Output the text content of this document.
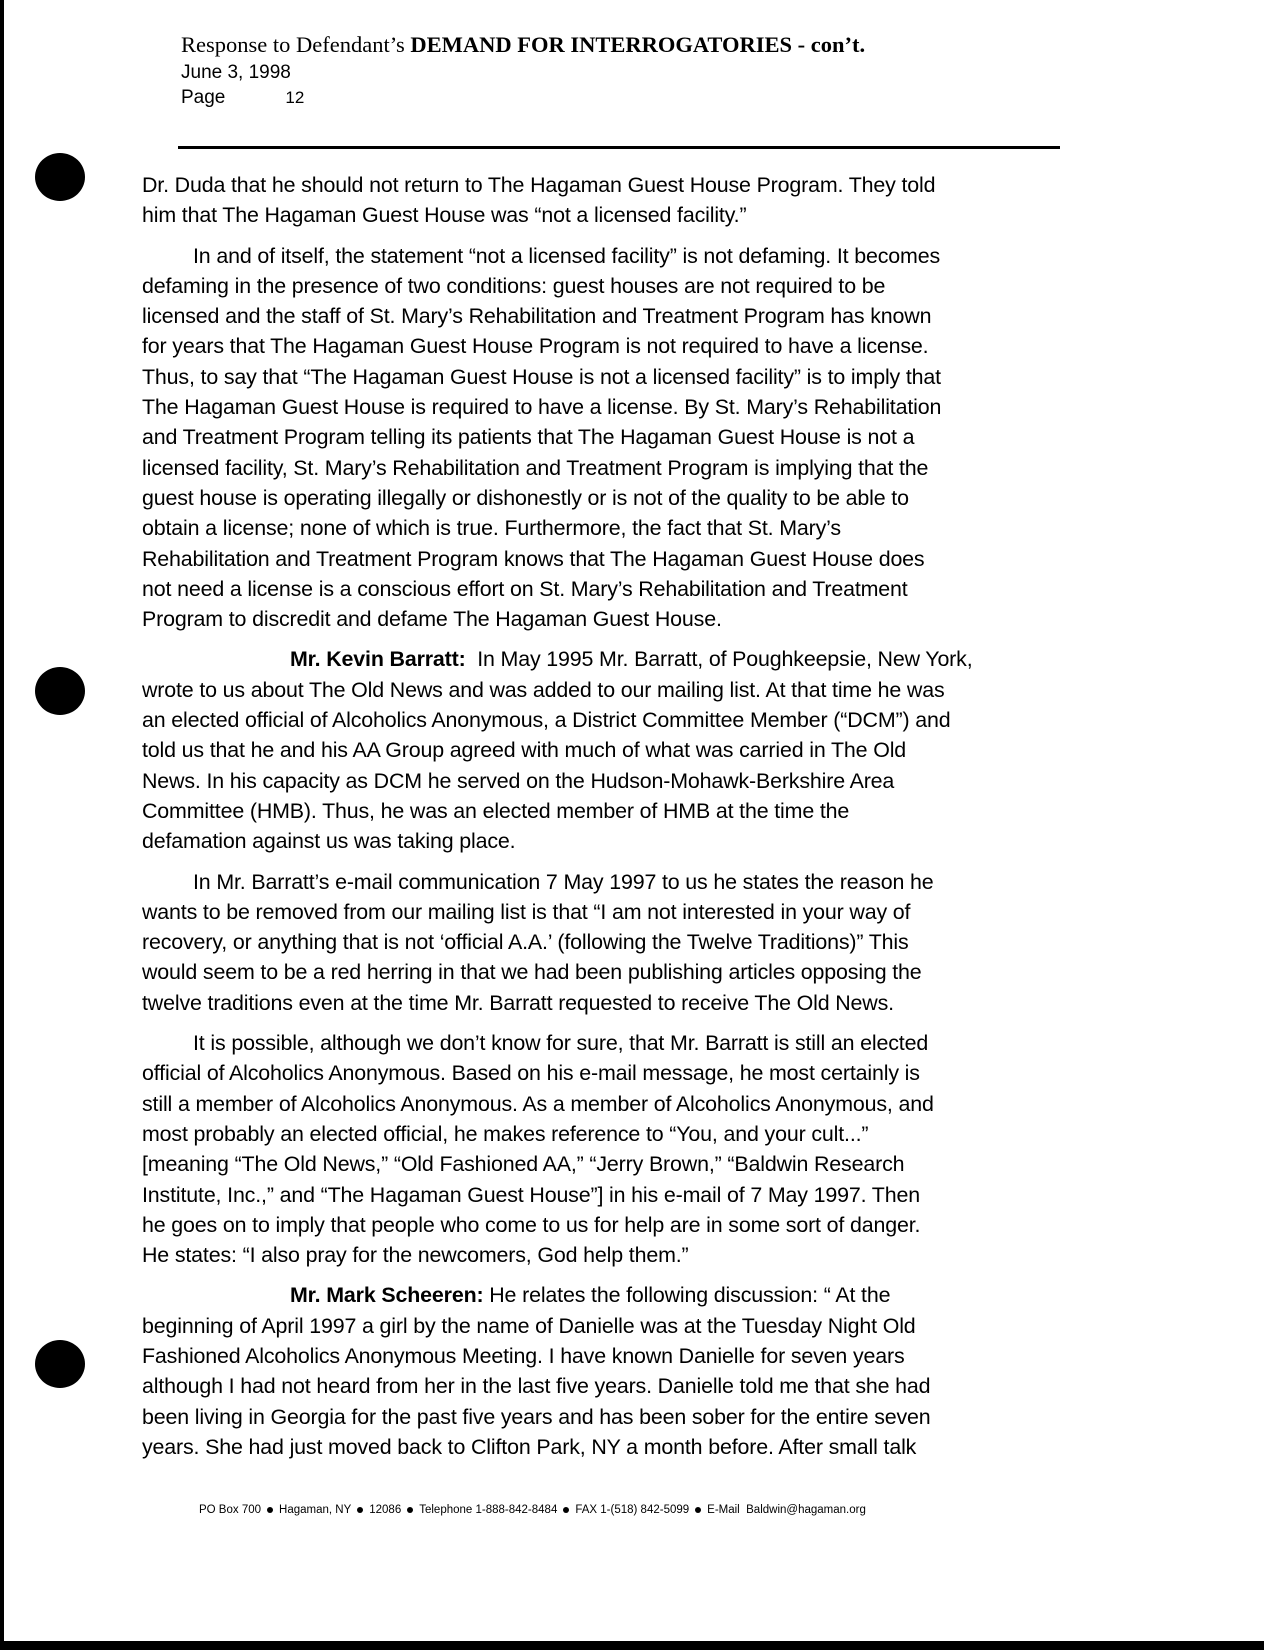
Response to Defendant’s DEMAND FOR INTERROGATORIES - con’t.
June 3, 1998
Page	12
Dr. Duda that he should not return to The Hagaman Guest House Program. They told
him that The Hagaman Guest House was “not a licensed facility.”
In and of itself, the statement “not a licensed facility” is not defaming. It becomes
defaming in the presence of two conditions: guest houses are not required to be
licensed and the staff of St. Mary’s Rehabilitation and Treatment Program has known
for years that The Hagaman Guest House Program is not required to have a license.
Thus, to say that “The Hagaman Guest House is not a licensed facility” is to imply that
The Hagaman Guest House is required to have a license. By St. Mary’s Rehabilitation
and Treatment Program telling its patients that The Hagaman Guest House is not a
licensed facility, St. Mary’s Rehabilitation and Treatment Program is implying that the
guest house is operating illegally or dishonestly or is not of the quality to be able to
obtain a license; none of which is true. Furthermore, the fact that St. Mary’s
Rehabilitation and Treatment Program knows that The Hagaman Guest House does
not need a license is a conscious effort on St. Mary’s Rehabilitation and Treatment
Program to discredit and defame The Hagaman Guest House.
Mr. Kevin Barratt:  In May 1995 Mr. Barratt, of Poughkeepsie, New York,
wrote to us about The Old News and was added to our mailing list. At that time he was
an elected official of Alcoholics Anonymous, a District Committee Member (“DCM”) and
told us that he and his AA Group agreed with much of what was carried in The Old
News. In his capacity as DCM he served on the Hudson-Mohawk-Berkshire Area
Committee (HMB). Thus, he was an elected member of HMB at the time the
defamation against us was taking place.
In Mr. Barratt’s e-mail communication 7 May 1997 to us he states the reason he
wants to be removed from our mailing list is that “I am not interested in your way of
recovery, or anything that is not ‘official A.A.’ (following the Twelve Traditions)” This
would seem to be a red herring in that we had been publishing articles opposing the
twelve traditions even at the time Mr. Barratt requested to receive The Old News.
It is possible, although we don’t know for sure, that Mr. Barratt is still an elected
official of Alcoholics Anonymous. Based on his e-mail message, he most certainly is
still a member of Alcoholics Anonymous. As a member of Alcoholics Anonymous, and
most probably an elected official, he makes reference to “You, and your cult...”
[meaning “The Old News,” “Old Fashioned AA,” “Jerry Brown,” “Baldwin Research
Institute, Inc.,” and “The Hagaman Guest House”] in his e-mail of 7 May 1997. Then
he goes on to imply that people who come to us for help are in some sort of danger.
He states: “I also pray for the newcomers, God help them.”
Mr. Mark Scheeren: He relates the following discussion: “ At the
beginning of April 1997 a girl by the name of Danielle was at the Tuesday Night Old
Fashioned Alcoholics Anonymous Meeting. I have known Danielle for seven years
although I had not heard from her in the last five years. Danielle told me that she had
been living in Georgia for the past five years and has been sober for the entire seven
years. She had just moved back to Clifton Park, NY a month before. After small talk
PO Box 700 Hagaman, NY 12086 Telephone 1-888-842-8484 FAX 1-(518) 842-5099 E-Mail  Baldwin@hagaman.org
